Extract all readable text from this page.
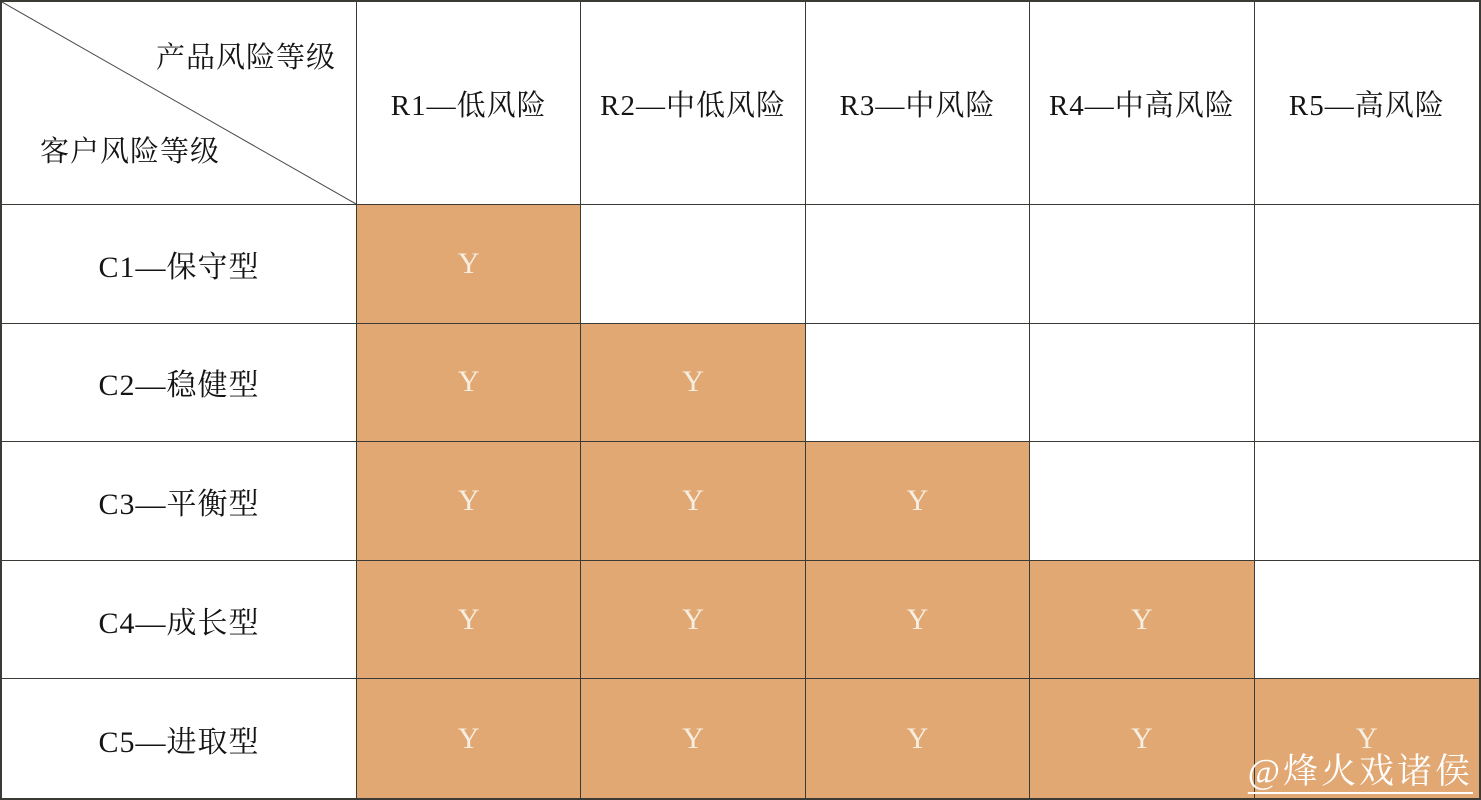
产品风险等级
客户风险等级
R1—低风险	R2—中低风险	R3—中风险	R4—中高风险	R5—高风险
C1—保守型	Y
C2—稳健型	Y	Y
C3—平衡型	Y	Y	Y
C4—成长型	Y	Y	Y	Y
C5—进取型	Y	Y	Y	Y	Y
@烽火戏诸侯
